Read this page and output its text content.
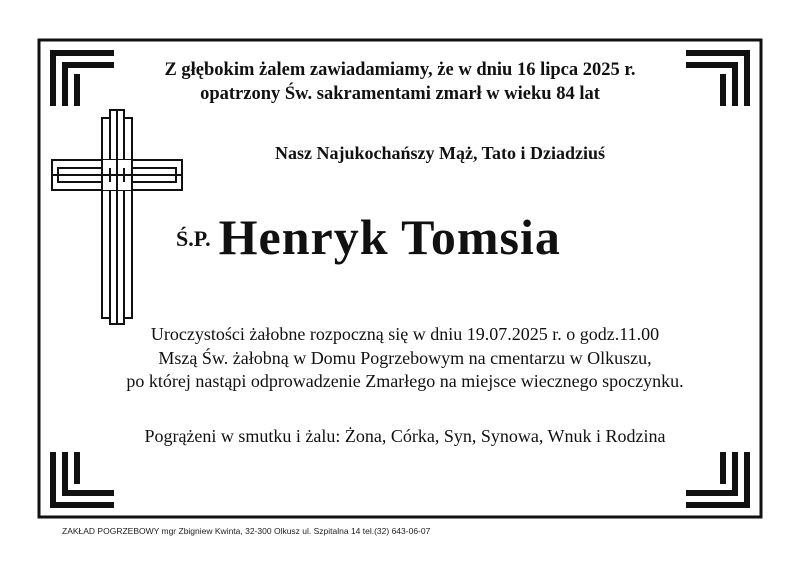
Z głębokim żalem zawiadamiamy, że w dniu 16 lipca 2025 r.
opatrzony Św. sakramentami zmarł w wieku 84 lat
Nasz Najukochańszy Mąż, Tato i Dziadziuś
Ś.P. Henryk Tomsia
Uroczystości żałobne rozpoczną się w dniu 19.07.2025 r. o godz.11.00
Mszą Św. żałobną w Domu Pogrzebowym na cmentarzu w Olkuszu,
po której nastąpi odprowadzenie Zmarłego na miejsce wiecznego spoczynku.
Pogrążeni w smutku i żalu: Żona, Córka, Syn, Synowa, Wnuk i Rodzina
ZAKŁAD POGRZEBOWY mgr Zbigniew Kwinta, 32-300 Olkusz ul. Szpitalna 14 tel.(32) 643-06-07
